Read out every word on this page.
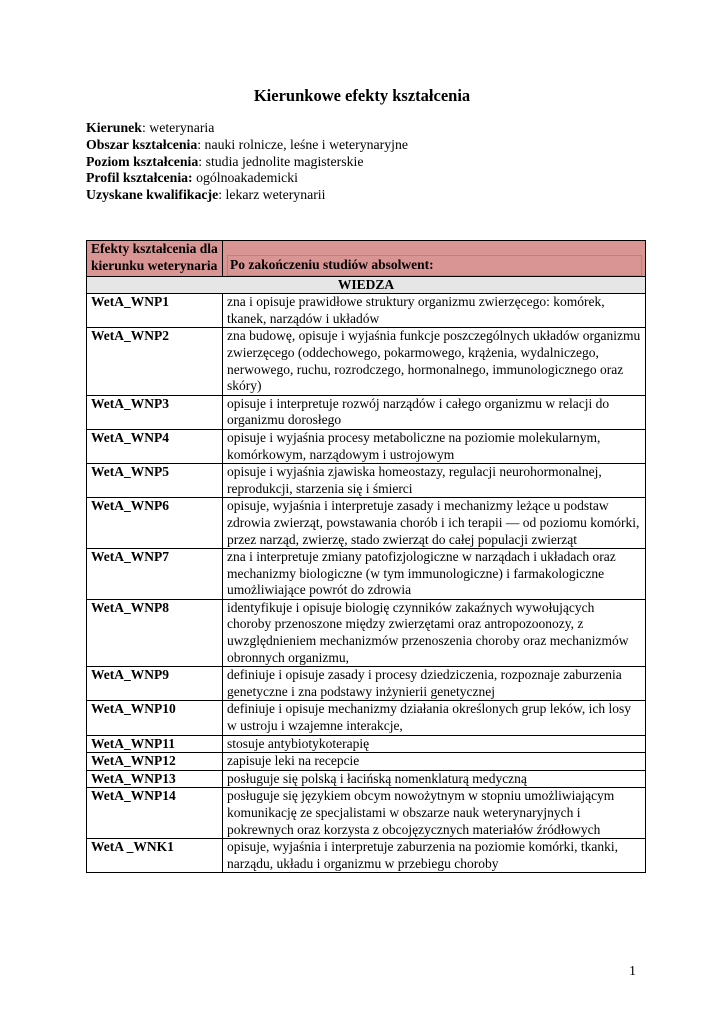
Kierunkowe efekty kształcenia
Kierunek: weterynaria
Obszar kształcenia: nauki rolnicze, leśne i weterynaryjne
Poziom kształcenia: studia jednolite magisterskie
Profil kształcenia: ogólnoakademicki
Uzyskane kwalifikacje: lekarz weterynarii
Efekty kształcenia dla kierunku weterynaria	Po zakończeniu studiów absolwent:

WIEDZA	
WetA_WNP1	zna i opisuje prawidłowe struktury organizmu zwierzęcego: komórek, tkanek, narządów i układów
WetA_WNP2	zna budowę, opisuje i wyjaśnia funkcje poszczególnych układów organizmu zwierzęcego (oddechowego, pokarmowego, krążenia, wydalniczego, nerwowego, ruchu, rozrodczego, hormonalnego, immunologicznego oraz skóry)
WetA_WNP3	opisuje i interpretuje rozwój narządów i całego organizmu w relacji do organizmu dorosłego
WetA_WNP4	opisuje i wyjaśnia procesy metaboliczne na poziomie molekularnym, komórkowym, narządowym i ustrojowym
WetA_WNP5	opisuje i wyjaśnia zjawiska homeostazy, regulacji neurohormonalnej, reprodukcji, starzenia się i śmierci
WetA_WNP6	opisuje, wyjaśnia i interpretuje zasady i mechanizmy leżące u podstaw zdrowia zwierząt, powstawania chorób i ich terapii — od poziomu komórki, przez narząd, zwierzę, stado zwierząt do całej populacji zwierząt
WetA_WNP7	zna i interpretuje zmiany patofizjologiczne w narządach i układach oraz mechanizmy biologiczne (w tym immunologiczne) i farmakologiczne umożliwiające powrót do zdrowia
WetA_WNP8	identyfikuje i opisuje biologię czynników zakaźnych wywołujących choroby przenoszone między zwierzętami oraz antropozoonozy, z uwzględnieniem mechanizmów przenoszenia choroby oraz mechanizmów obronnych organizmu,
WetA_WNP9	definiuje i opisuje zasady i procesy dziedziczenia, rozpoznaje zaburzenia genetyczne i zna podstawy inżynierii genetycznej
WetA_WNP10	definiuje i opisuje mechanizmy działania określonych grup leków, ich losy w ustroju i wzajemne interakcje,
WetA_WNP11	stosuje antybiotykoterapię
WetA_WNP12	zapisuje leki na recepcie
WetA_WNP13	posługuje się polską i łacińską nomenklaturą medyczną
WetA_WNP14	posługuje się językiem obcym nowożytnym w stopniu umożliwiającym komunikację ze specjalistami w obszarze nauk weterynaryjnych i pokrewnych oraz korzysta z obcojęzycznych materiałów źródłowych
WetA _WNK1	opisuje, wyjaśnia i interpretuje zaburzenia na poziomie komórki, tkanki, narządu, układu i organizmu w przebiegu choroby
1
